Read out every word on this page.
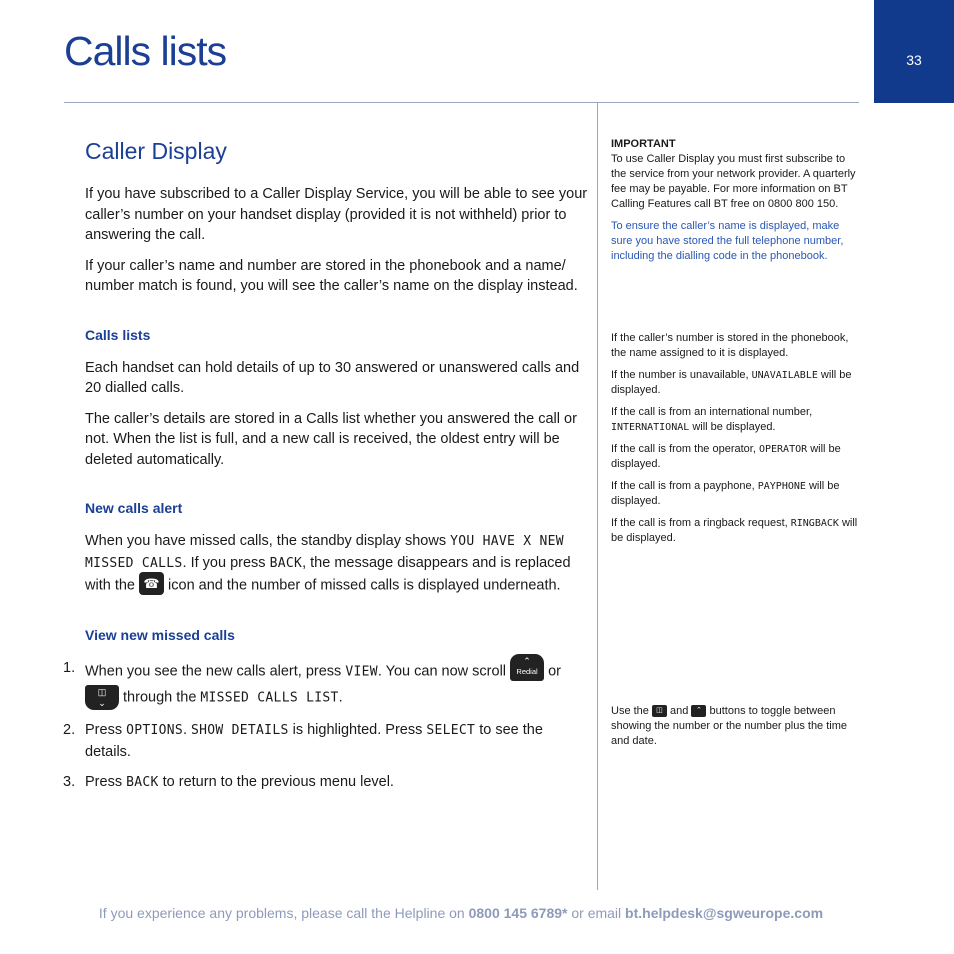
Calls lists	33
Caller Display

If you have subscribed to a Caller Display Service, you will be able to see your caller’s number on your handset display (provided it is not withheld) prior to answering the call.

If your caller’s name and number are stored in the phonebook and a name/ number match is found, you will see the caller’s name on the display instead.

Calls lists

Each handset can hold details of up to 30 answered or unanswered calls and 20 dialled calls.

The caller’s details are stored in a Calls list whether you answered the call or not. When the list is full, and a new call is received, the oldest entry will be deleted automatically.

New calls alert

When you have missed calls, the standby display shows YOU HAVE X NEW MISSED CALLS. If you press BACK, the message disappears and is replaced with the ☎ icon and the number of missed calls is displayed underneath.

View new missed calls
1. When you see the new calls alert, press VIEW. You can now scroll
⌃
Redial or

◫
⌄ through the MISSED CALLS LIST.
2. Press OPTIONS. SHOW DETAILS is highlighted. Press SELECT to see the details.
3. Press BACK to return to the previous menu level.

IMPORTANT

To use Caller Display you must first subscribe to the service from your network provider. A quarterly fee may be payable. For more information on BT Calling Features call BT free on 0800 800 150.

To ensure the caller’s name is displayed, make sure you have stored the full telephone number, including the dialling code in the phonebook.

If the caller’s number is stored in the phonebook, the name assigned to it is displayed.

If the number is unavailable, UNAVAILABLE will be displayed.

If the call is from an international number, INTERNATIONAL will be displayed.

If the call is from the operator, OPERATOR will be displayed.

If the call is from a payphone, PAYPHONE will be displayed.

If the call is from a ringback request, RINGBACK will be displayed.

Use the ◫ and ⌃ buttons to toggle between showing the number or the number plus the time and date.

If you experience any problems, please call the Helpline on 0800 145 6789* or email bt.helpdesk@sgweurope.com
